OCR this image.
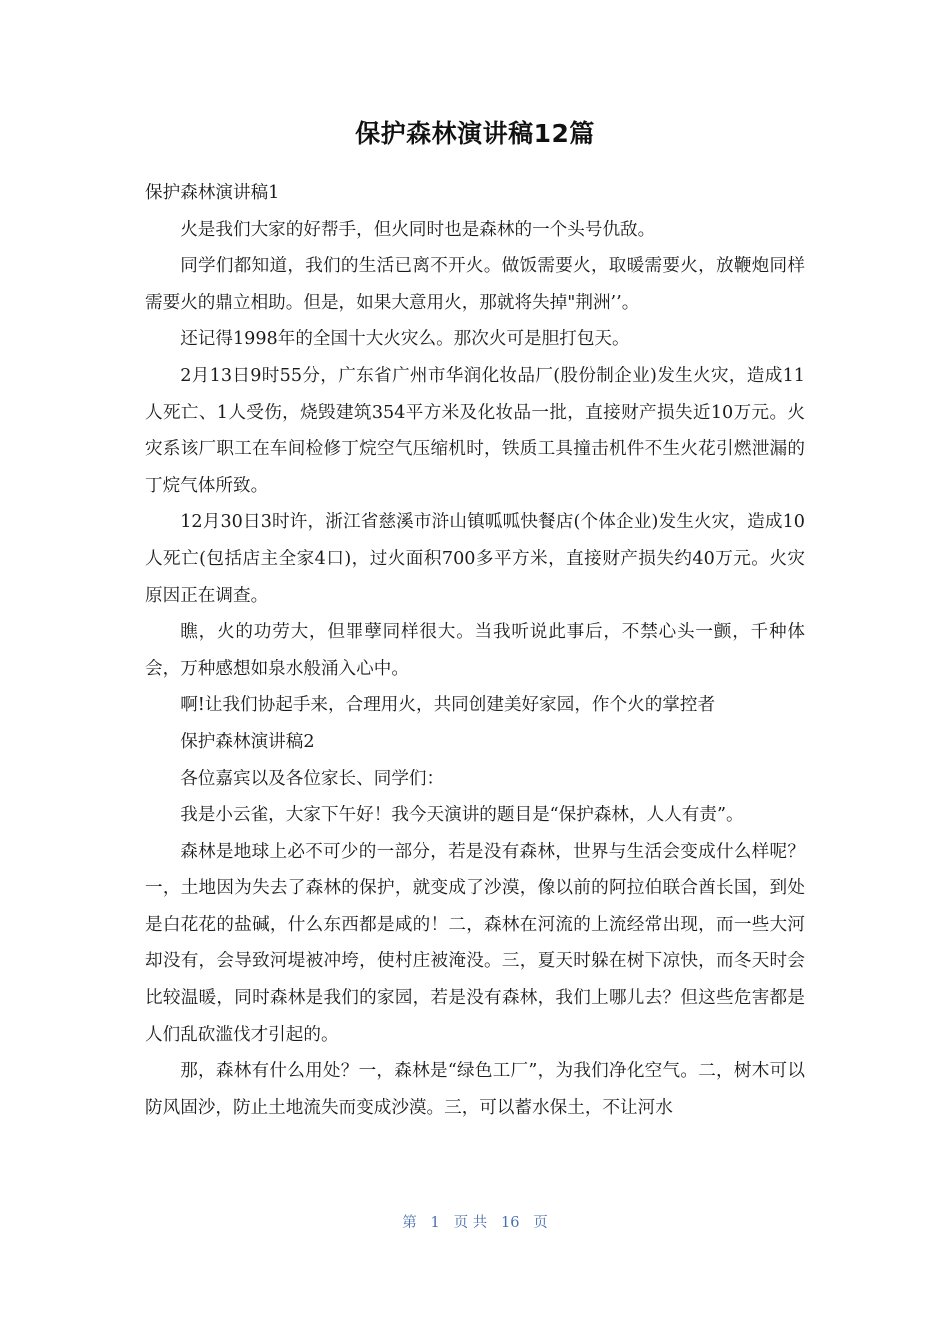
保护森林演讲稿12篇

保护森林演讲稿1

火是我们大家的好帮手，但火同时也是森林的一个头号仇敌。

同学们都知道，我们的生活已离不开火。做饭需要火，取暖需要火，放鞭炮同样需要火的鼎立相助。但是，如果大意用火，那就将失掉"荆洲’’。

还记得1998年的全国十大火灾么。那次火可是胆打包天。

2月13日9时55分，广东省广州市华润化妆品厂(股份制企业)发生火灾，造成11人死亡、1人受伤，烧毁建筑354平方米及化妆品一批，直接财产损失近10万元。火灾系该厂职工在车间检修丁烷空气压缩机时，铁质工具撞击机件不生火花引燃泄漏的丁烷气体所致。

12月30日3时许，浙江省慈溪市浒山镇呱呱快餐店(个体企业)发生火灾，造成10人死亡(包括店主全家4口)，过火面积700多平方米，直接财产损失约40万元。火灾原因正在调查。

瞧，火的功劳大，但罪孽同样很大。当我听说此事后，不禁心头一颤，千种体会，万种感想如泉水般涌入心中。

啊!让我们协起手来，合理用火，共同创建美好家园，作个火的掌控者

保护森林演讲稿2

各位嘉宾以及各位家长、同学们：

我是小云雀，大家下午好！我今天演讲的题目是“保护森林，人人有责”。

森林是地球上必不可少的一部分，若是没有森林，世界与生活会变成什么样呢？一，土地因为失去了森林的保护，就变成了沙漠，像以前的阿拉伯联合酋长国，到处是白花花的盐碱，什么东西都是咸的！二，森林在河流的上流经常出现，而一些大河却没有，会导致河堤被冲垮，使村庄被淹没。三，夏天时躲在树下凉快，而冬天时会比较温暖，同时森林是我们的家园，若是没有森林，我们上哪儿去？但这些危害都是人们乱砍滥伐才引起的。

那，森林有什么用处？一，森林是“绿色工厂”，为我们净化空气。二，树木可以防风固沙，防止土地流失而变成沙漠。三，可以蓄水保土，不让河水

第 1 页 共 16 页
